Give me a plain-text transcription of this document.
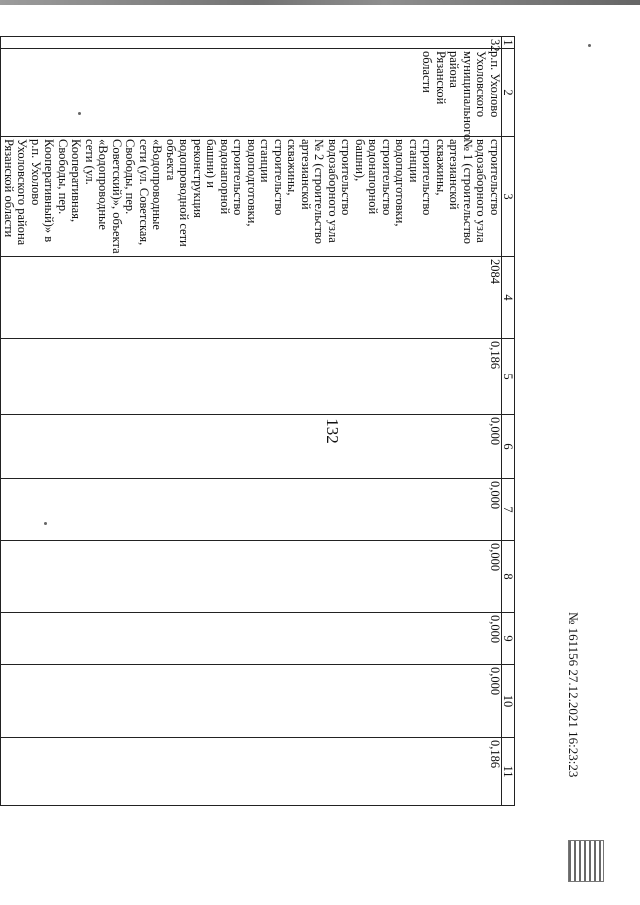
132
1	2	3	4	5	6	7	8	9	10	11
32	р.п. Ухолово Ухоловского муниципального района Рязанской области	строительство водозаборного узла № 1 (строительство артезианской скважины, строительство станции водоподготовки, строительство водонапорной башни), строительство водозаборного узла № 2 (строительство артезианской скважины, строительство станции водоподготовки, строительство водонапорной башни) и реконструкция водопроводной сети объекта «Водопроводные сети (ул. Советская, Свободы, пер. Советский)», объекта «Водопроводные сети (ул. Кооперативная, Свободы, пер. Кооперативный)» в р.п. Ухолово Ухоловского района Рязанской области	2084	0,186	0,000	0,000	0,000	0,000	0,000	0,186
									№ 161156 27.12.2021 16:23:23
